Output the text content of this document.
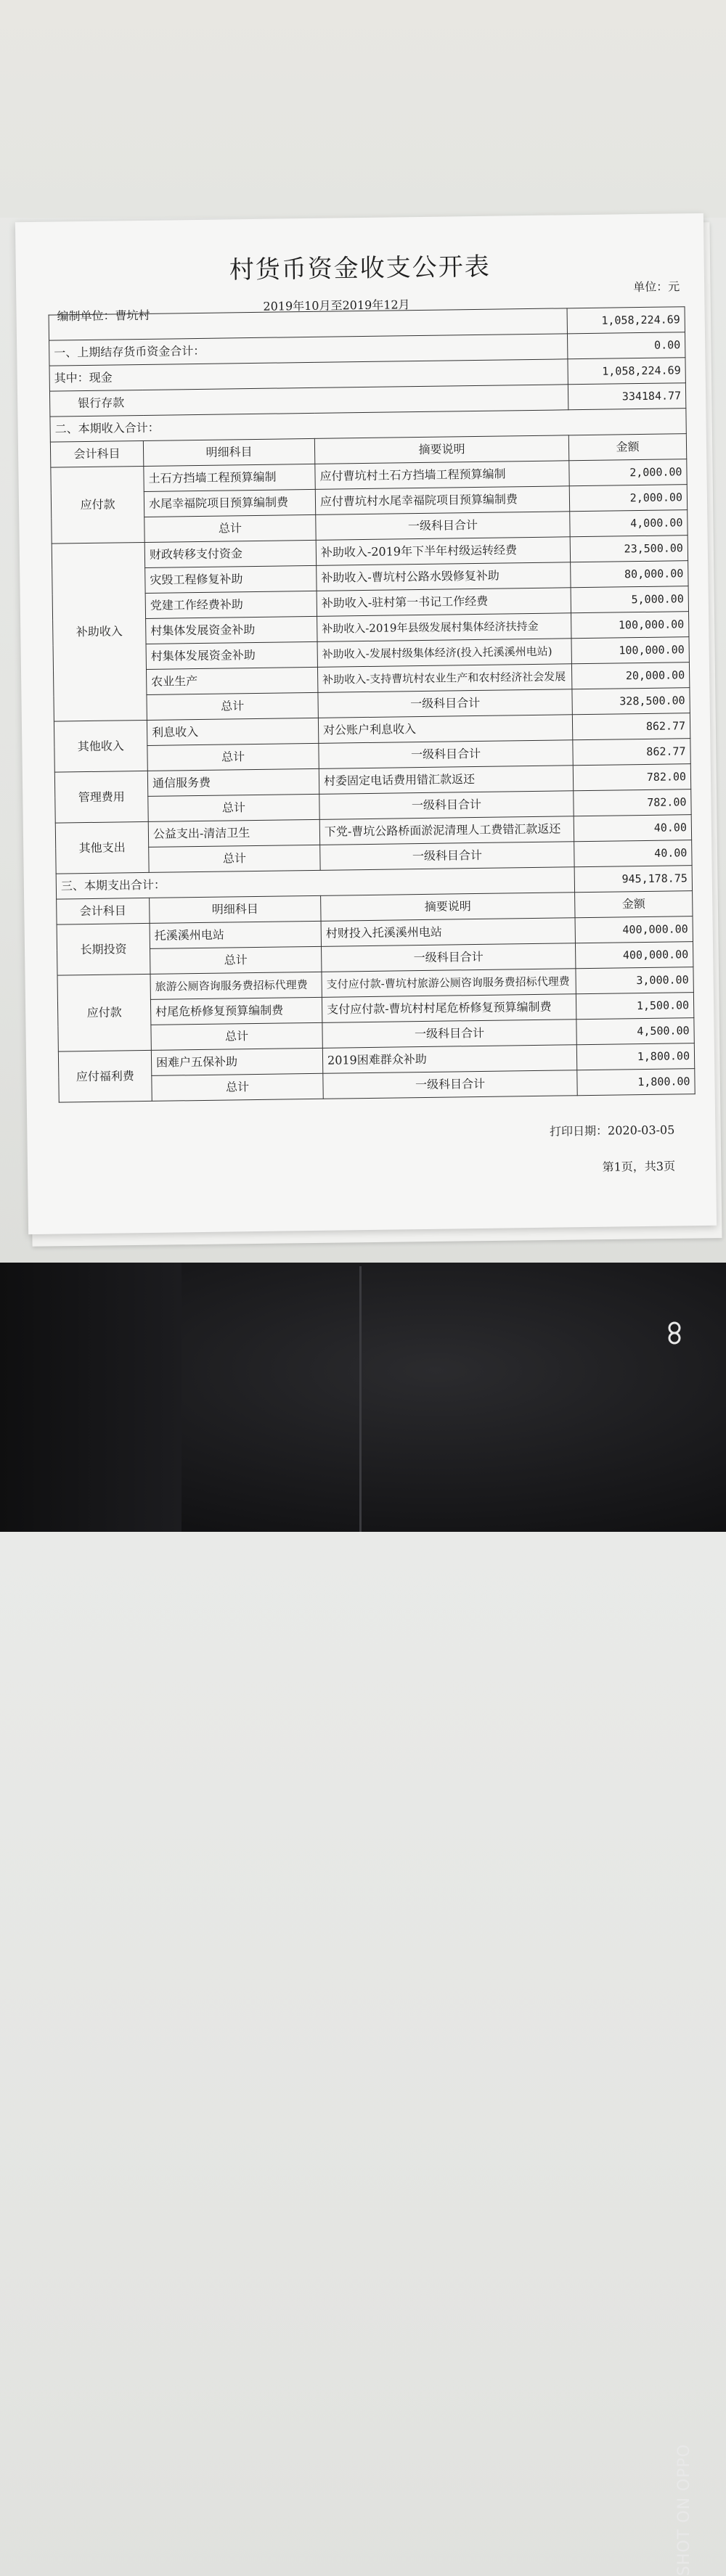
村货币资金收支公开表
编制单位：曹坑村
2019年10月至2019年12月
单位：元
			1,058,224.69
一、上期结存货币资金合计：			0.00
其中：现金			1,058,224.69
银行存款			334184.77
二、本期收入合计：			
会计科目	明细科目	摘要说明	金额
应付款	土石方挡墙工程预算编制	应付曹坑村土石方挡墙工程预算编制	2,000.00
	水尾幸福院项目预算编制费	应付曹坑村水尾幸福院项目预算编制费	2,000.00
	总计	一级科目合计	4,000.00
补助收入	财政转移支付资金	补助收入-2019年下半年村级运转经费	23,500.00
	灾毁工程修复补助	补助收入-曹坑村公路水毁修复补助	80,000.00
	党建工作经费补助	补助收入-驻村第一书记工作经费	5,000.00
	村集体发展资金补助	补助收入-2019年县级发展村集体经济扶持金	100,000.00
	村集体发展资金补助	补助收入-发展村级集体经济(投入托溪溪州电站)	100,000.00
	农业生产	补助收入-支持曹坑村农业生产和农村经济社会发展	20,000.00
	总计	一级科目合计	328,500.00
其他收入	利息收入	对公账户利息收入	862.77
	总计	一级科目合计	862.77
管理费用	通信服务费	村委固定电话费用错汇款返还	782.00
	总计	一级科目合计	782.00
其他支出	公益支出-清洁卫生	下党-曹坑公路桥面淤泥清理人工费错汇款返还	40.00
	总计	一级科目合计	40.00
三、本期支出合计：			945,178.75
会计科目	明细科目	摘要说明	金额
长期投资	托溪溪州电站	村财投入托溪溪州电站	400,000.00
	总计	一级科目合计	400,000.00
应付款	旅游公厕咨询服务费招标代理费	支付应付款-曹坑村旅游公厕咨询服务费招标代理费	3,000.00
	村尾危桥修复预算编制费	支付应付款-曹坑村村尾危桥修复预算编制费	1,500.00
	总计	一级科目合计	4,500.00
应付福利费	困难户五保补助	2019困难群众补助	1,800.00
	总计	一级科目合计	1,800.00
打印日期：2020-03-05
第1页，共3页
SHOT ON OPPO
